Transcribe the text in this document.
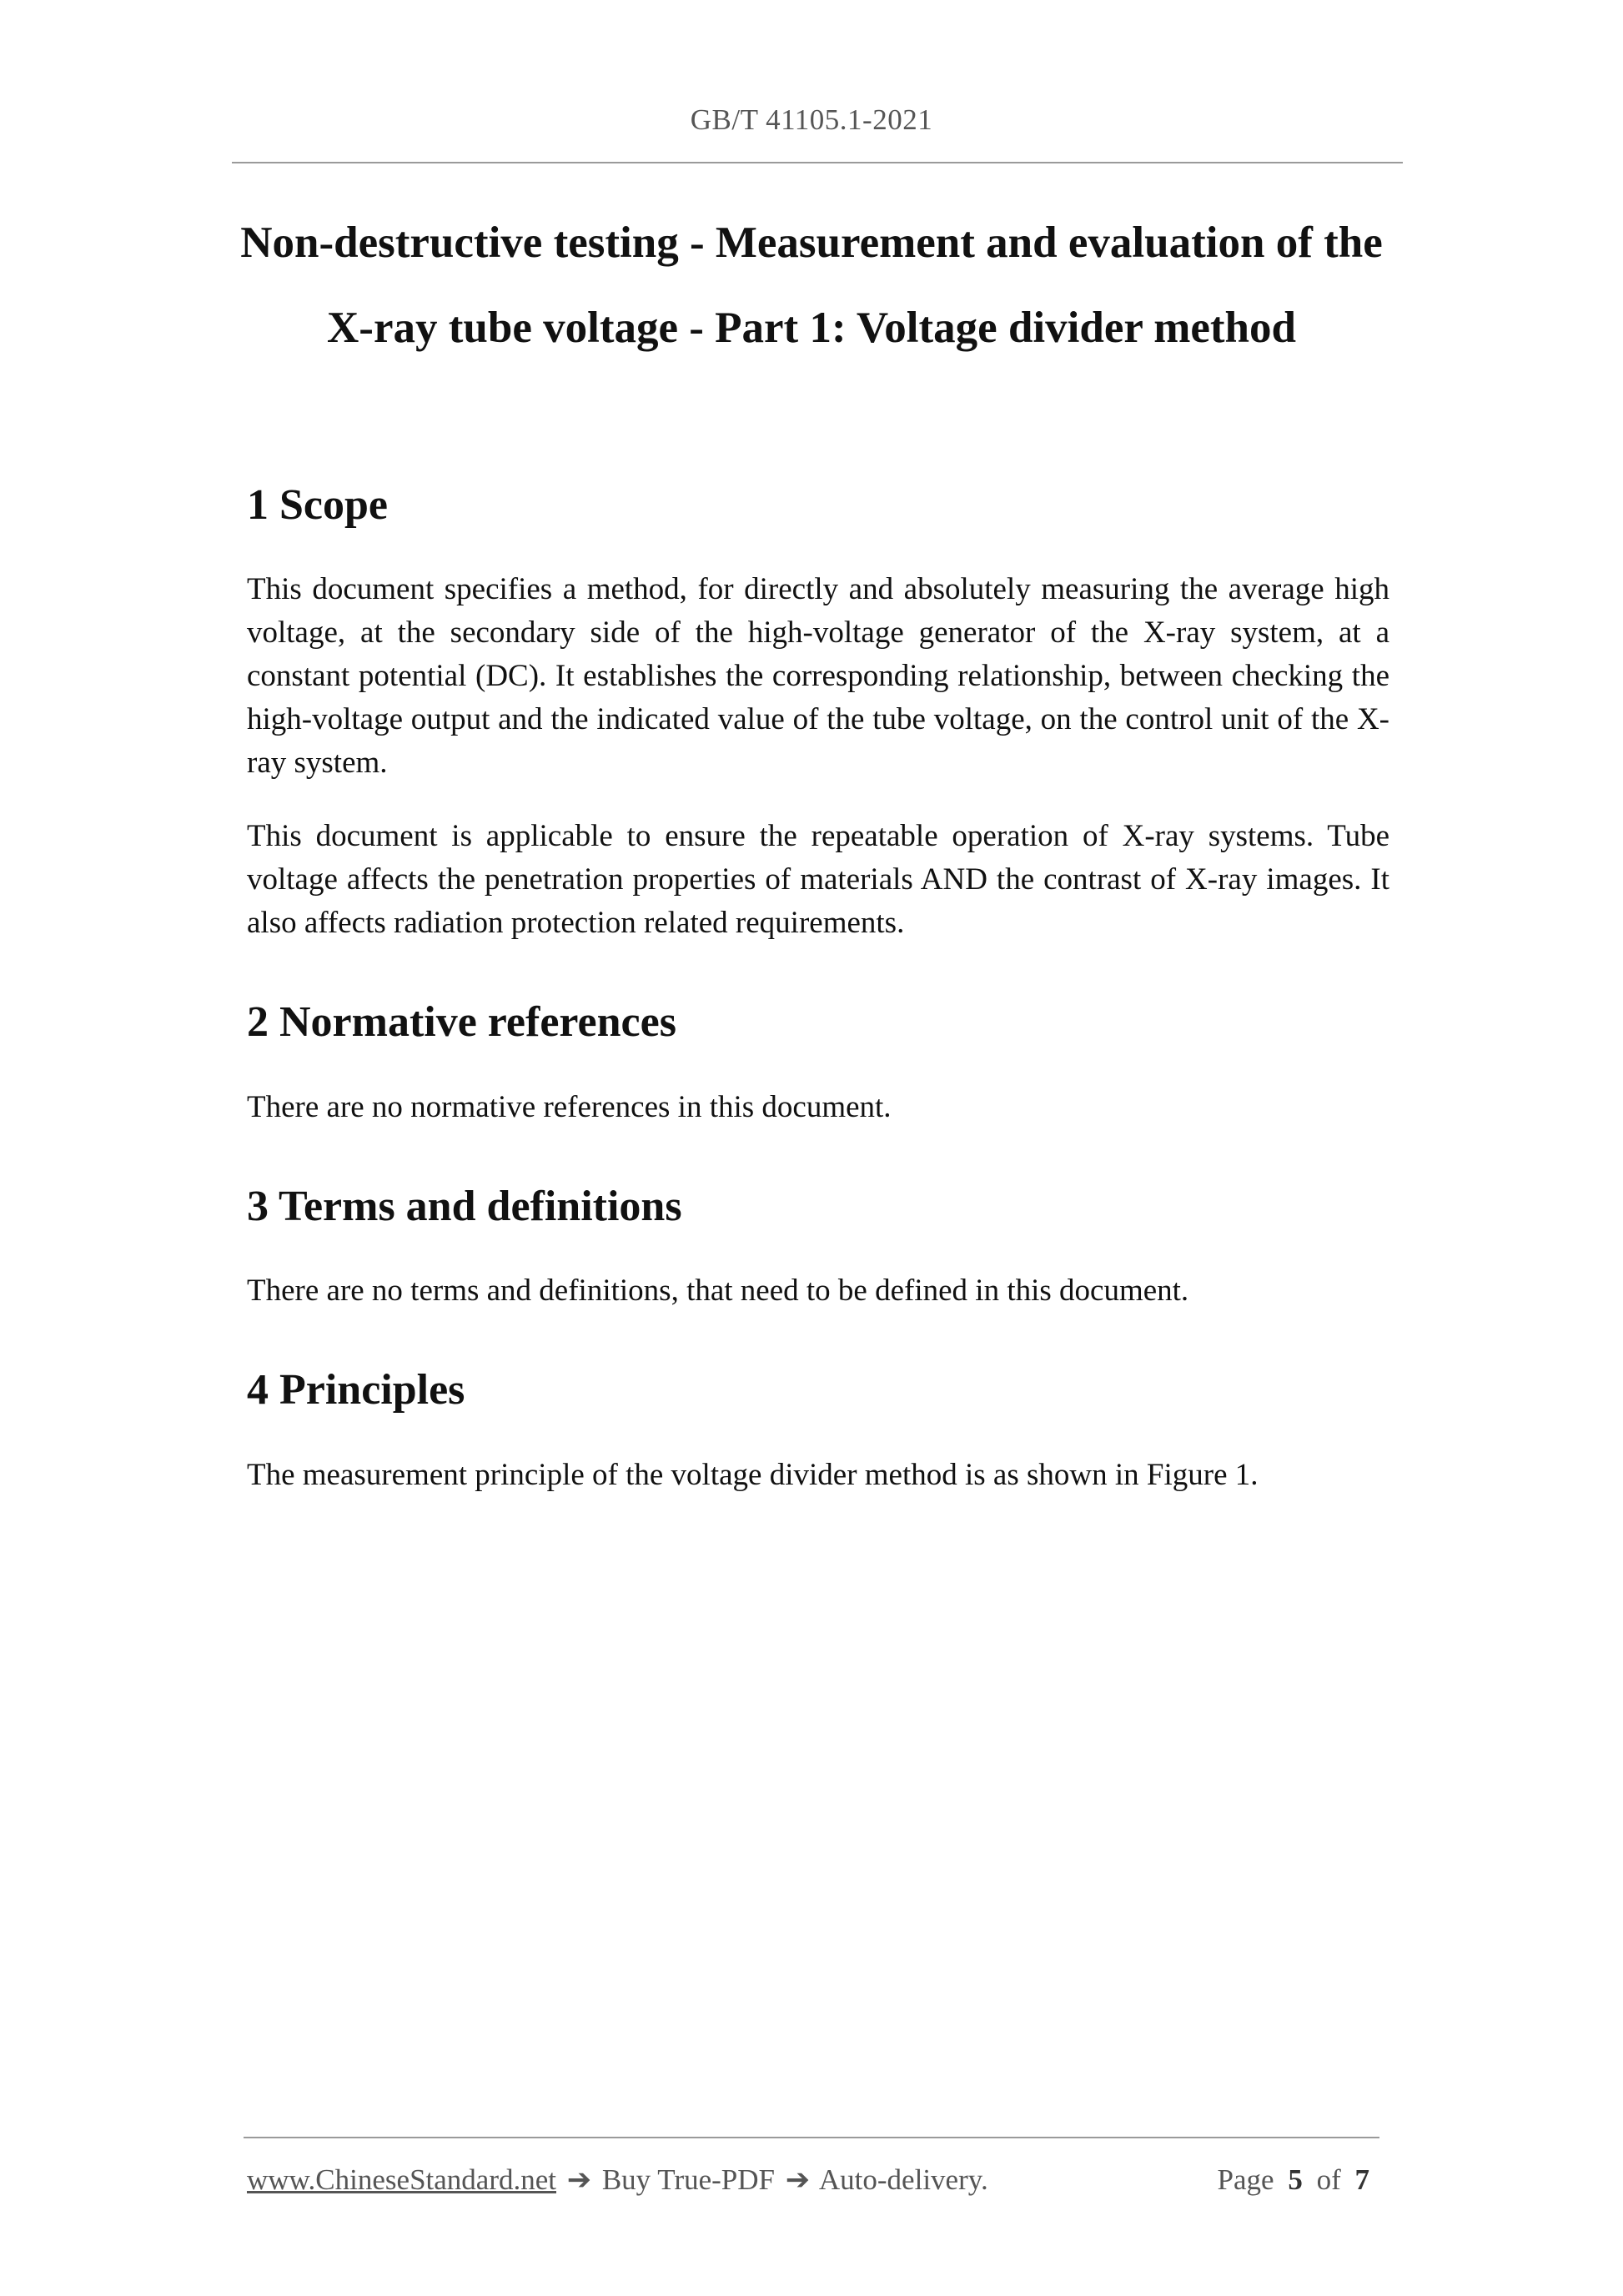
GB/T 41105.1-2021
Non-destructive testing - Measurement and evaluation of the
X-ray tube voltage - Part 1: Voltage divider method
1 Scope

This document specifies a method, for directly and absolutely measuring the average high voltage, at the secondary side of the high-voltage generator of the X-ray system, at a constant potential (DC). It establishes the corresponding relationship, between checking the high-voltage output and the indicated value of the tube voltage, on the control unit of the X-ray system.

This document is applicable to ensure the repeatable operation of X-ray systems. Tube voltage affects the penetration properties of materials AND the contrast of X-ray images. It also affects radiation protection related requirements.

2 Normative references

There are no normative references in this document.

3 Terms and definitions

There are no terms and definitions, that need to be defined in this document.

4 Principles

The measurement principle of the voltage divider method is as shown in Figure 1.

www.ChineseStandard.net ➔ Buy True-PDF ➔ Auto-delivery.	Page 5 of 7
